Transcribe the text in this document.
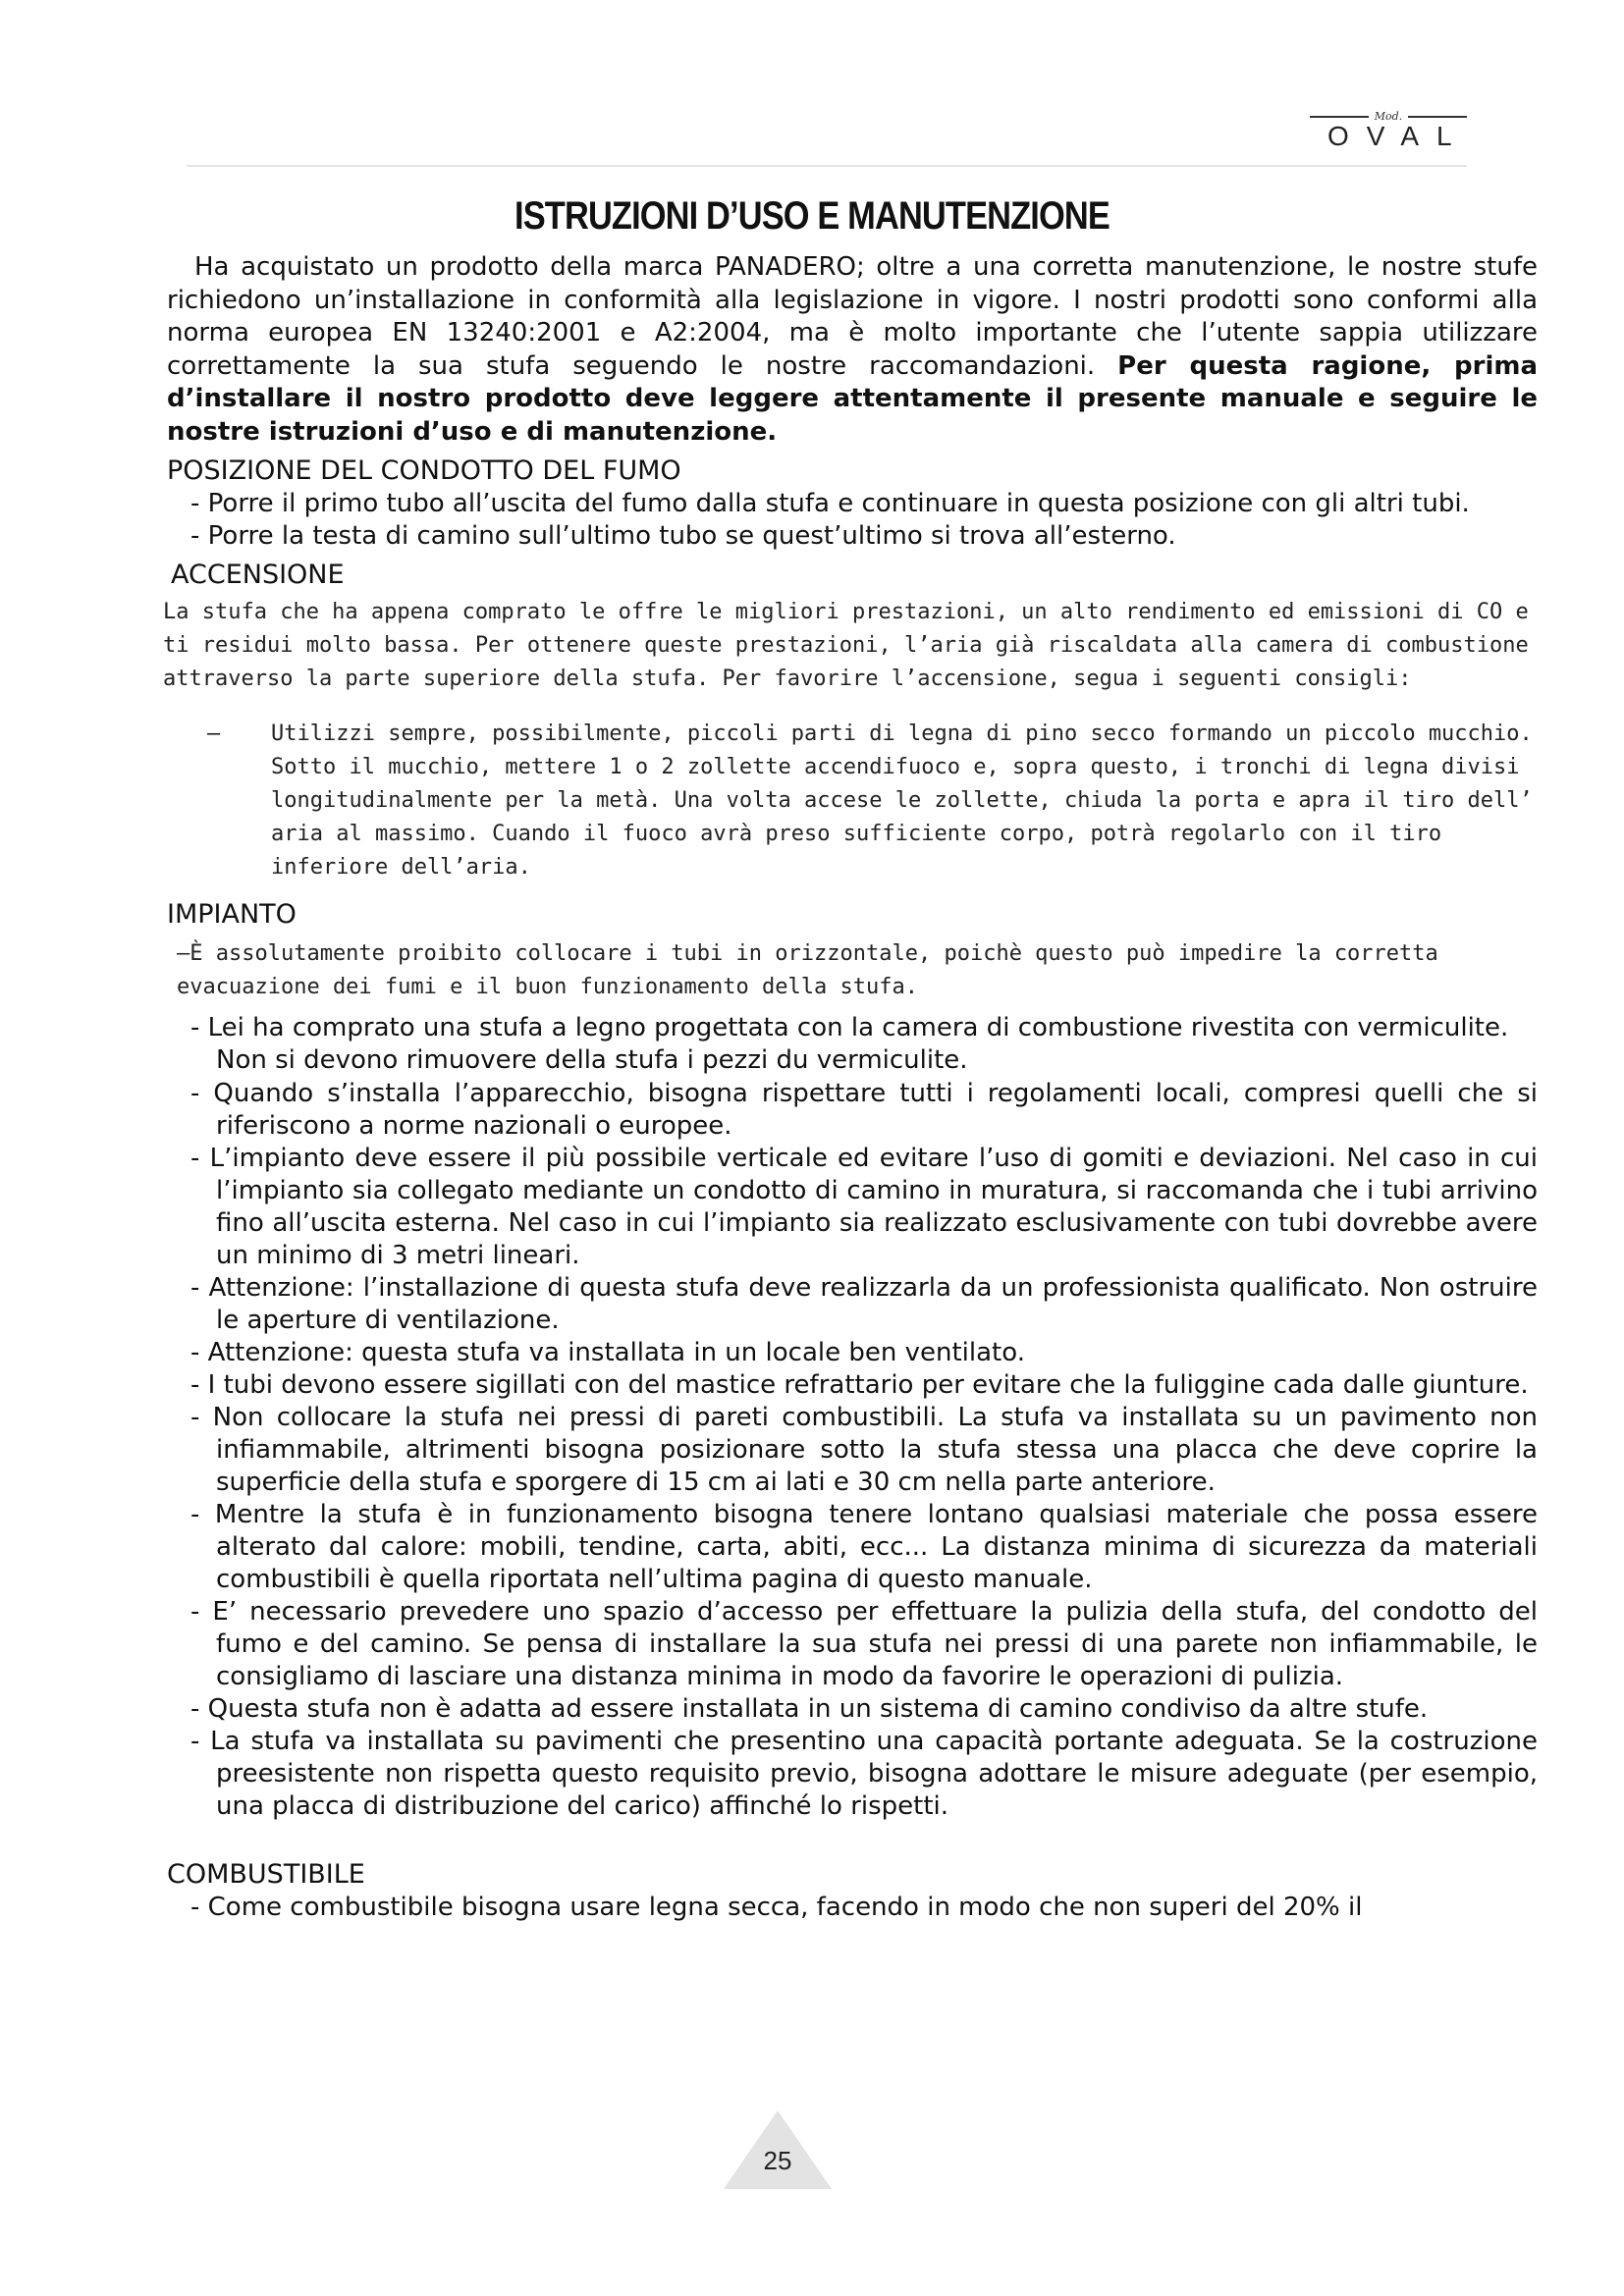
Mod.
OVAL
ISTRUZIONI D’USO E MANUTENZIONE

Ha acquistato un prodotto della marca PANADERO; oltre a una corretta manutenzione, le nostre stufe richiedono un’installazione in conformità alla legislazione in vigore. I nostri prodotti sono conformi alla norma europea EN 13240:2001 e A2:2004, ma è molto importante che l’utente sappia utilizzare correttamente la sua stufa seguendo le nostre raccomandazioni. Per questa ragione, prima d’installare il nostro prodotto deve leggere attentamente il presente manuale e seguire le nostre istruzioni d’uso e di manutenzione.

POSIZIONE DEL CONDOTTO DEL FUMO
- Porre il primo tubo all’uscita del fumo dalla stufa e continuare in questa posizione con gli altri tubi.
- Porre la testa di camino sull’ultimo tubo se quest’ultimo si trova all’esterno.
ACCENSIONE
La stufa che ha appena comprato le offre le migliori prestazioni, un alto rendimento ed emissioni di CO e ti residui molto bassa. Per ottenere queste prestazioni, l’aria già riscaldata alla camera di combustione attraverso la parte superiore della stufa. Per favorire l’accensione, segua i seguenti consigli:
–	Utilizzi sempre, possibilmente, piccoli parti di legna di pino secco formando un piccolo mucchio. Sotto il mucchio, mettere 1 o 2 zollette accendifuoco e, sopra questo, i tronchi di legna divisi longitudinalmente per la metà. Una volta accese le zollette, chiuda la porta e apra il tiro dell’ aria al massimo. Cuando il fuoco avrà preso sufficiente corpo, potrà regolarlo con il tiro inferiore dell’aria.
IMPIANTO
–È assolutamente proibito collocare i tubi in orizzontale, poichè questo può impedire la corretta evacuazione dei fumi e il buon funzionamento della stufa.
- Lei ha comprato una stufa a legno progettata con la camera di combustione rivestita con vermiculite.
Non si devono rimuovere della stufa i pezzi du vermiculite.
- Quando s’installa l’apparecchio, bisogna rispettare tutti i regolamenti locali, compresi quelli che si riferiscono a norme nazionali o europee.
- L’impianto deve essere il più possibile verticale ed evitare l’uso di gomiti e deviazioni. Nel caso in cui l’impianto sia collegato mediante un condotto di camino in muratura, si raccomanda che i tubi arrivino fino all’uscita esterna. Nel caso in cui l’impianto sia realizzato esclusivamente con tubi dovrebbe avere un minimo di 3 metri lineari.
- Attenzione: l’installazione di questa stufa deve realizzarla da un professionista qualificato. Non ostruire le aperture di ventilazione.
- Attenzione: questa stufa va installata in un locale ben ventilato.
- I tubi devono essere sigillati con del mastice refrattario per evitare che la fuliggine cada dalle giunture.
- Non collocare la stufa nei pressi di pareti combustibili. La stufa va installata su un pavimento non infiammabile, altrimenti bisogna posizionare sotto la stufa stessa una placca che deve coprire la superficie della stufa e sporgere di 15 cm ai lati e 30 cm nella parte anteriore.
- Mentre la stufa è in funzionamento bisogna tenere lontano qualsiasi materiale che possa essere alterato dal calore: mobili, tendine, carta, abiti, ecc... La distanza minima di sicurezza da materiali combustibili è quella riportata nell’ultima pagina di questo manuale.
- E’ necessario prevedere uno spazio d’accesso per effettuare la pulizia della stufa, del condotto del fumo e del camino. Se pensa di installare la sua stufa nei pressi di una parete non infiammabile, le consigliamo di lasciare una distanza minima in modo da favorire le operazioni di pulizia.
- Questa stufa non è adatta ad essere installata in un sistema di camino condiviso da altre stufe.
- La stufa va installata su pavimenti che presentino una capacità portante adeguata. Se la costruzione preesistente non rispetta questo requisito previo, bisogna adottare le misure adeguate (per esempio, una placca di distribuzione del carico) affinché lo rispetti.
COMBUSTIBILE
- Come combustibile bisogna usare legna secca, facendo in modo che non superi del 20% il
25
